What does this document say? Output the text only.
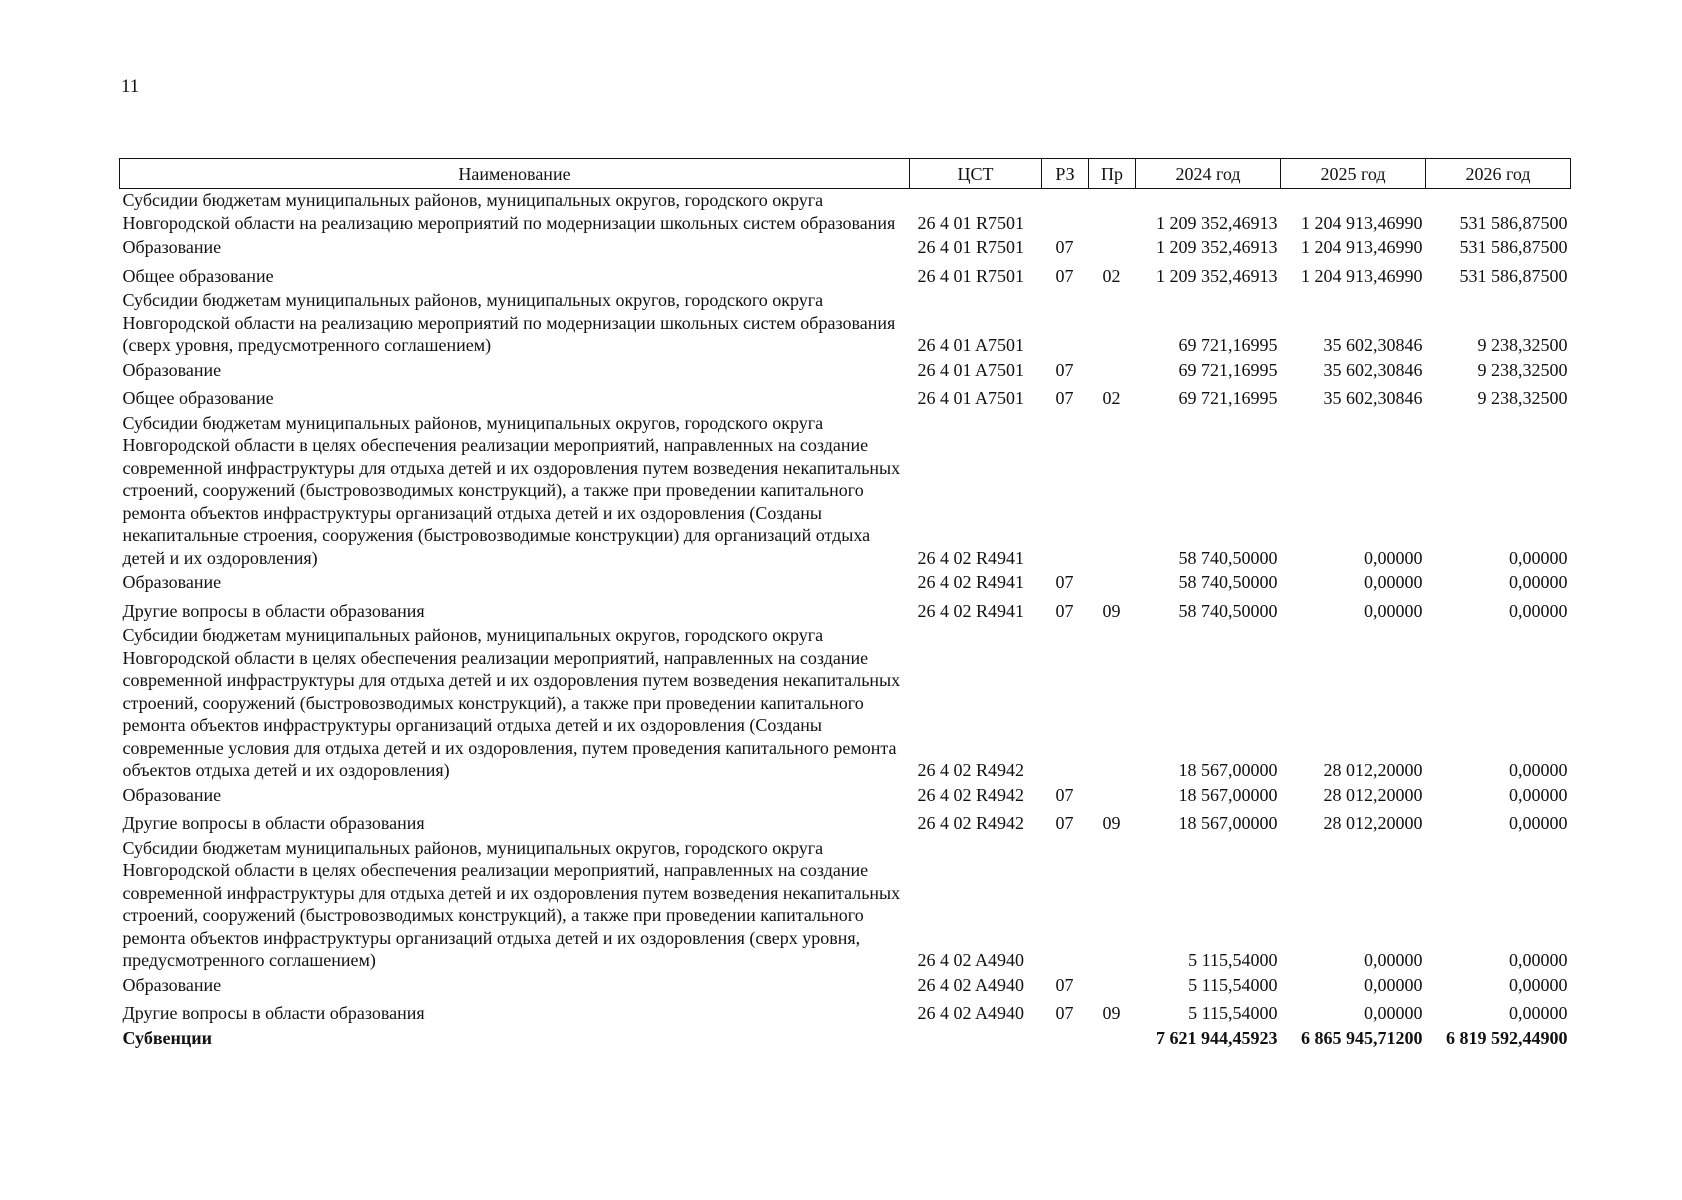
11
Наименование	ЦСТ	РЗ	Пр	2024 год	2025 год	2026 год
Субсидии бюджетам муниципальных районов, муниципальных округов, городского округа Новгородской области на реализацию мероприятий по модернизации школьных систем образования	26 4 01 R7501			1 209 352,46913	1 204 913,46990	531 586,87500
Образование	26 4 01 R7501	07		1 209 352,46913	1 204 913,46990	531 586,87500
Общее образование	26 4 01 R7501	07	02	1 209 352,46913	1 204 913,46990	531 586,87500
Субсидии бюджетам муниципальных районов, муниципальных округов, городского округа Новгородской области на реализацию мероприятий по модернизации школьных систем образования (сверх уровня, предусмотренного соглашением)	26 4 01 A7501			69 721,16995	35 602,30846	9 238,32500
Образование	26 4 01 A7501	07		69 721,16995	35 602,30846	9 238,32500
Общее образование	26 4 01 A7501	07	02	69 721,16995	35 602,30846	9 238,32500
Субсидии бюджетам муниципальных районов, муниципальных округов, городского округа Новгородской области в целях обеспечения реализации мероприятий, направленных на создание современной инфраструктуры для отдыха детей и их оздоровления путем возведения некапитальных строений, сооружений (быстровозводимых конструкций), а также при проведении капитального ремонта объектов инфраструктуры организаций отдыха детей и их оздоровления (Созданы некапитальные строения, сооружения (быстровозводимые конструкции) для организаций отдыха детей и их оздоровления)	26 4 02 R4941			58 740,50000	0,00000	0,00000
Образование	26 4 02 R4941	07		58 740,50000	0,00000	0,00000
Другие вопросы в области образования	26 4 02 R4941	07	09	58 740,50000	0,00000	0,00000
Субсидии бюджетам муниципальных районов, муниципальных округов, городского округа Новгородской области в целях обеспечения реализации мероприятий, направленных на создание современной инфраструктуры для отдыха детей и их оздоровления путем возведения некапитальных строений, сооружений (быстровозводимых конструкций), а также при проведении капитального ремонта объектов инфраструктуры организаций отдыха детей и их оздоровления (Созданы современные условия для отдыха детей и их оздоровления, путем проведения капитального ремонта объектов отдыха детей и их оздоровления)	26 4 02 R4942			18 567,00000	28 012,20000	0,00000
Образование	26 4 02 R4942	07		18 567,00000	28 012,20000	0,00000
Другие вопросы в области образования	26 4 02 R4942	07	09	18 567,00000	28 012,20000	0,00000
Субсидии бюджетам муниципальных районов, муниципальных округов, городского округа Новгородской области в целях обеспечения реализации мероприятий, направленных на создание современной инфраструктуры для отдыха детей и их оздоровления путем возведения некапитальных строений, сооружений (быстровозводимых конструкций), а также при проведении капитального ремонта объектов инфраструктуры организаций отдыха детей и их оздоровления (сверх уровня, предусмотренного соглашением)	26 4 02 A4940			5 115,54000	0,00000	0,00000
Образование	26 4 02 A4940	07		5 115,54000	0,00000	0,00000
Другие вопросы в области образования	26 4 02 A4940	07	09	5 115,54000	0,00000	0,00000
Субвенции				7 621 944,45923	6 865 945,71200	6 819 592,44900
